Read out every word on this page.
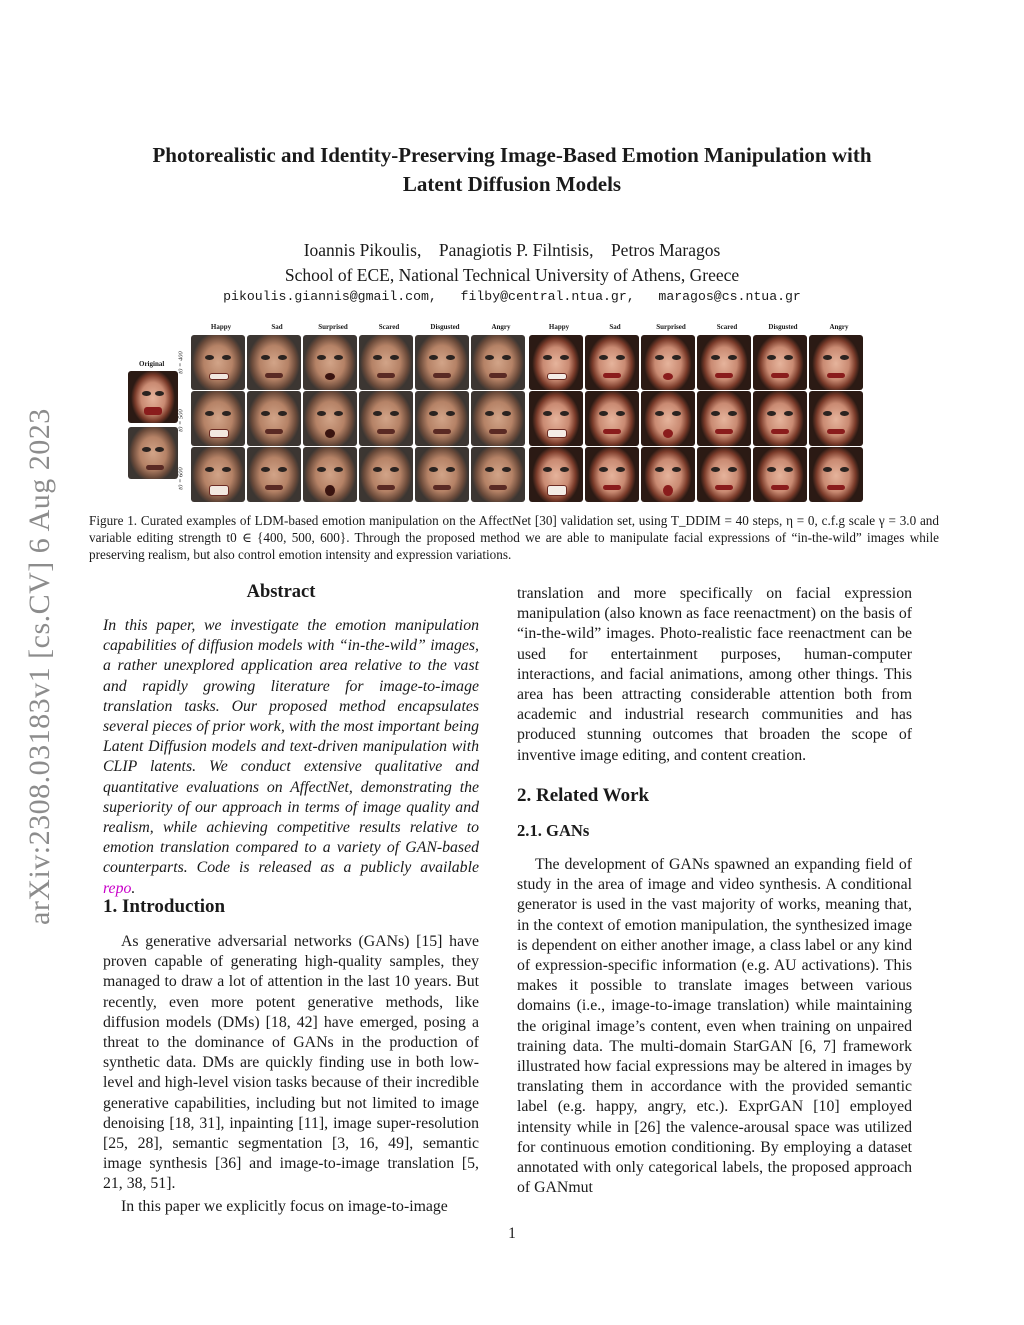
arXiv:2308.03183v1 [cs.CV] 6 Aug 2023
Photorealistic and Identity-Preserving Image-Based Emotion Manipulation with
Latent Diffusion Models
Ioannis Pikoulis,    Panagiotis P. Filntisis,    Petros Maragos
School of ECE, National Technical University of Athens, Greece
pikoulis.giannis@gmail.com,   filby@central.ntua.gr,   maragos@cs.ntua.gr
Original
Happy	Sad	Surprised	Scared	Disgusted	Angry	Happy	Sad	Surprised	Scared	Disgusted	Angry
t0 = 400
t0 = 500
t0 = 600
Figure 1. Curated examples of LDM-based emotion manipulation on the AffectNet [30] validation set, using T_DDIM = 40 steps, η = 0, c.f.g scale γ = 3.0 and variable editing strength t0 ∈ {400, 500, 600}. Through the proposed method we are able to manipulate facial expressions of “in-the-wild” images while preserving realism, but also control emotion intensity and expression variations.
Abstract
In this paper, we investigate the emotion manipulation capabilities of diffusion models with “in-the-wild” images, a rather unexplored application area relative to the vast and rapidly growing literature for image-to-image translation tasks. Our proposed method encapsulates several pieces of prior work, with the most important being Latent Diffusion models and text-driven manipulation with CLIP latents. We conduct extensive qualitative and quantitative evaluations on AffectNet, demonstrating the superiority of our approach in terms of image quality and realism, while achieving competitive results relative to emotion translation compared to a variety of GAN-based counterparts. Code is released as a publicly available repo.
1. Introduction

As generative adversarial networks (GANs) [15] have proven capable of generating high-quality samples, they managed to draw a lot of attention in the last 10 years. But recently, even more potent generative methods, like diffusion models (DMs) [18, 42] have emerged, posing a threat to the dominance of GANs in the production of synthetic data. DMs are quickly finding use in both low-level and high-level vision tasks because of their incredible generative capabilities, including but not limited to image denoising [18, 31], inpainting [11], image super-resolution [25, 28], semantic segmentation [3, 16, 49], semantic image synthesis [36] and image-to-image translation [5, 21, 38, 51].

In this paper we explicitly focus on image-to-image

translation and more specifically on facial expression manipulation (also known as face reenactment) on the basis of “in-the-wild” images. Photo-realistic face reenactment can be used for entertainment purposes, human-computer interactions, and facial animations, among other things. This area has been attracting considerable attention both from academic and industrial research communities and has produced stunning outcomes that broaden the scope of inventive image editing, and content creation.
2. Related Work
2.1. GANs

The development of GANs spawned an expanding field of study in the area of image and video synthesis. A conditional generator is used in the vast majority of works, meaning that, in the context of emotion manipulation, the synthesized image is dependent on either another image, a class label or any kind of expression-specific information (e.g. AU activations). This makes it possible to translate images between various domains (i.e., image-to-image translation) while maintaining the original image’s content, even when training on unpaired training data. The multi-domain StarGAN [6, 7] framework illustrated how facial expressions may be altered in images by translating them in accordance with the provided semantic label (e.g. happy, angry, etc.). ExprGAN [10] employed intensity while in [26] the valence-arousal space was utilized for continuous emotion conditioning. By employing a dataset annotated with only categorical labels, the proposed approach of GANmut

1
